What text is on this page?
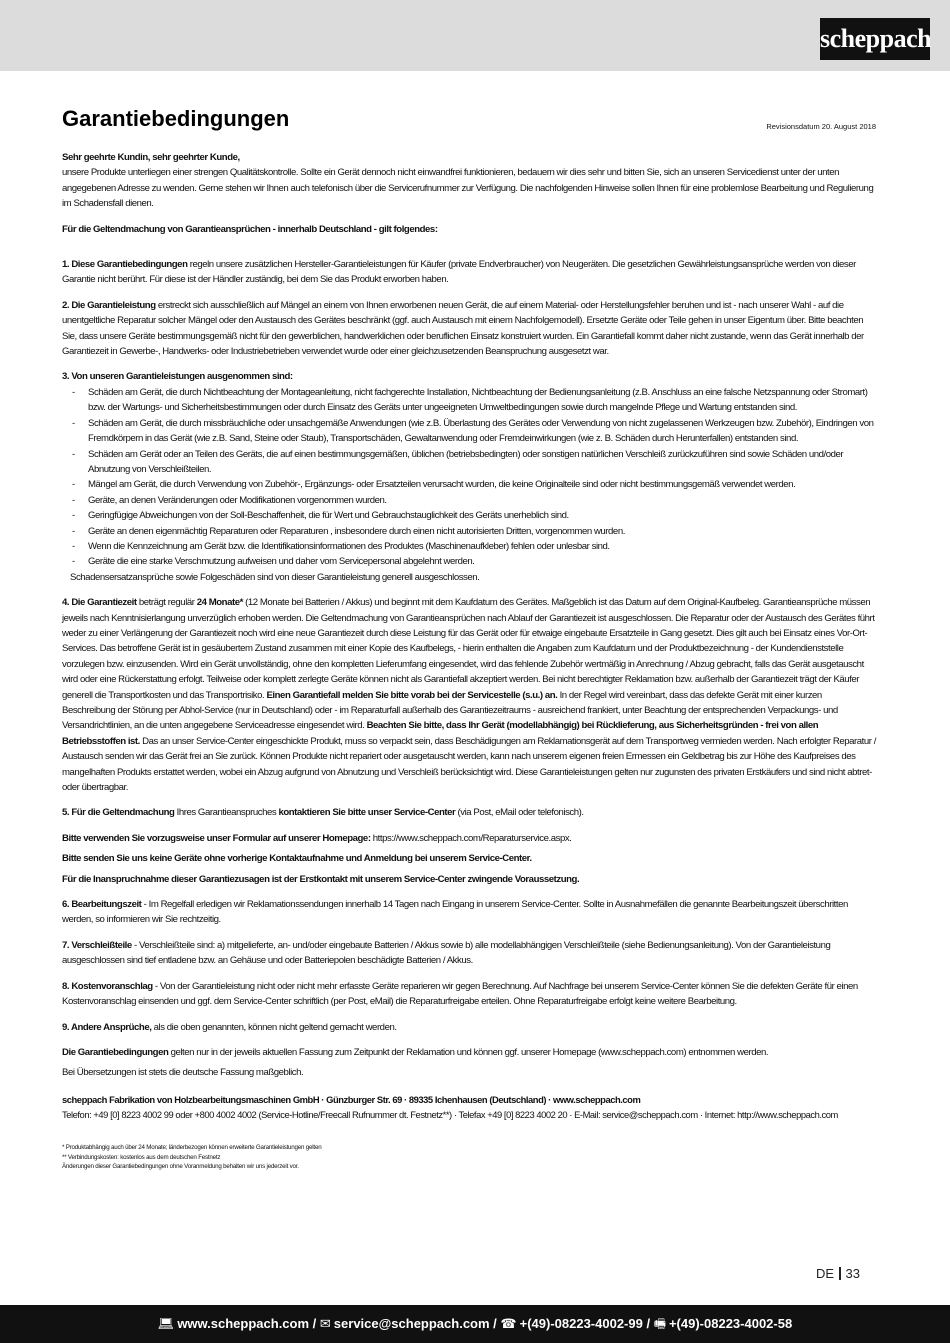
scheppach
Garantiebedingungen	Revisionsdatum 20. August 2018

Sehr geehrte Kundin, sehr geehrter Kunde,
unsere Produkte unterliegen einer strengen Qualitätskontrolle. Sollte ein Gerät dennoch nicht einwandfrei funktionieren, bedauern wir dies sehr und bitten Sie, sich an unseren Servicedienst unter der unten angegebenen Adresse zu wenden. Gerne stehen wir Ihnen auch telefonisch über die Servicerufnummer zur Verfügung. Die nachfolgenden Hinweise sollen Ihnen für eine problemlose Bearbeitung und Regulierung im Schadensfall dienen.

Für die Geltendmachung von Garantieansprüchen - innerhalb Deutschland - gilt folgendes:

1. Diese Garantiebedingungen regeln unsere zusätzlichen Hersteller-Garantieleistungen für Käufer (private Endverbraucher) von Neugeräten. Die gesetzlichen Gewährleistungsansprüche werden von dieser Garantie nicht berührt. Für diese ist der Händler zuständig, bei dem Sie das Produkt erworben haben.

2. Die Garantieleistung erstreckt sich ausschließlich auf Mängel an einem von Ihnen erworbenen neuen Gerät, die auf einem Material- oder Herstellungsfehler beruhen und ist - nach unserer Wahl - auf die unentgeltliche Reparatur solcher Mängel oder den Austausch des Gerätes beschränkt (ggf. auch Austausch mit einem Nachfolgemodell). Ersetzte Geräte oder Teile gehen in unser Eigentum über. Bitte beachten Sie, dass unsere Geräte bestimmungsgemäß nicht für den gewerblichen, handwerklichen oder beruflichen Einsatz konstruiert wurden. Ein Garantiefall kommt daher nicht zustande, wenn das Gerät innerhalb der Garantiezeit in Gewerbe-, Handwerks- oder Industriebetrieben verwendet wurde oder einer gleichzusetzenden Beanspruchung ausgesetzt war.

3. Von unseren Garantieleistungen ausgenommen sind:
- Schäden am Gerät, die durch Nichtbeachtung der Montageanleitung, nicht fachgerechte Installation, Nichtbeachtung der Bedienungsanleitung (z.B. Anschluss an eine falsche Netzspannung oder Stromart) bzw. der Wartungs- und Sicherheitsbestimmungen oder durch Einsatz des Geräts unter ungeeigneten Umweltbedingungen sowie durch mangelnde Pflege und Wartung entstanden sind.
- Schäden am Gerät, die durch missbräuchliche oder unsachgemäße Anwendungen (wie z.B. Überlastung des Gerätes oder Verwendung von nicht zugelassenen Werkzeugen bzw. Zubehör), Eindringen von Fremdkörpern in das Gerät (wie z.B. Sand, Steine oder Staub), Transportschäden, Gewaltanwendung oder Fremdeinwirkungen (wie z. B. Schäden durch Herunterfallen) entstanden sind.
- Schäden am Gerät oder an Teilen des Geräts, die auf einen bestimmungsgemäßen, üblichen (betriebsbedingten) oder sonstigen natürlichen Verschleiß zurückzuführen sind sowie Schäden und/oder Abnutzung von Verschleißteilen.
- Mängel am Gerät, die durch Verwendung von Zubehör-, Ergänzungs- oder Ersatzteilen verursacht wurden, die keine Originalteile sind oder nicht bestimmungsgemäß verwendet werden.
- Geräte, an denen Veränderungen oder Modifikationen vorgenommen wurden.
- Geringfügige Abweichungen von der Soll-Beschaffenheit, die für Wert und Gebrauchstauglichkeit des Geräts unerheblich sind.
- Geräte an denen eigenmächtig Reparaturen oder Reparaturen , insbesondere durch einen nicht autorisierten Dritten, vorgenommen wurden.
- Wenn die Kennzeichnung am Gerät bzw. die Identifikationsinformationen des Produktes (Maschinenaufkleber) fehlen oder unlesbar sind.
- Geräte die eine starke Verschmutzung aufweisen und daher vom Servicepersonal abgelehnt werden.
Schadensersatzansprüche sowie Folgeschäden sind von dieser Garantieleistung generell ausgeschlossen.

4. Die Garantiezeit beträgt regulär 24 Monate* (12 Monate bei Batterien / Akkus) und beginnt mit dem Kaufdatum des Gerätes. Maßgeblich ist das Datum auf dem Original-Kaufbeleg. Garantieansprüche müssen jeweils nach Kenntnisierlangung unverzüglich erhoben werden. Die Geltendmachung von Garantieansprüchen nach Ablauf der Garantiezeit ist ausgeschlossen. Die Reparatur oder der Austausch des Gerätes führt weder zu einer Verlängerung der Garantiezeit noch wird eine neue Garantiezeit durch diese Leistung für das Gerät oder für etwaige eingebaute Ersatzteile in Gang gesetzt. Dies gilt auch bei Einsatz eines Vor-Ort-Services. Das betroffene Gerät ist in gesäubertem Zustand zusammen mit einer Kopie des Kaufbelegs, - hierin enthalten die Angaben zum Kaufdatum und der Produktbezeichnung - der Kundendienststelle vorzulegen bzw. einzusenden. Wird ein Gerät unvollständig, ohne den kompletten Lieferumfang eingesendet, wird das fehlende Zubehör wertmäßig in Anrechnung / Abzug gebracht, falls das Gerät ausgetauscht wird oder eine Rückerstattung erfolgt. Teilweise oder komplett zerlegte Geräte können nicht als Garantiefall akzeptiert werden. Bei nicht berechtigter Reklamation bzw. außerhalb der Garantiezeit trägt der Käufer generell die Transportkosten und das Transportrisiko. Einen Garantiefall melden Sie bitte vorab bei der Servicestelle (s.u.) an. In der Regel wird vereinbart, dass das defekte Gerät mit einer kurzen Beschreibung der Störung per Abhol-Service (nur in Deutschland) oder - im Reparaturfall außerhalb des Garantiezeitraums - ausreichend frankiert, unter Beachtung der entsprechenden Verpackungs- und Versandrichtlinien, an die unten angegebene Serviceadresse eingesendet wird. Beachten Sie bitte, dass Ihr Gerät (modellabhängig) bei Rücklieferung, aus Sicherheitsgründen - frei von allen Betriebsstoffen ist. Das an unser Service-Center eingeschickte Produkt, muss so verpackt sein, dass Beschädigungen am Reklamationsgerät auf dem Transportweg vermieden werden. Nach erfolgter Reparatur / Austausch senden wir das Gerät frei an Sie zurück. Können Produkte nicht repariert oder ausgetauscht werden, kann nach unserem eigenen freien Ermessen ein Geldbetrag bis zur Höhe des Kaufpreises des mangelhaften Produkts erstattet werden, wobei ein Abzug aufgrund von Abnutzung und Verschleiß berücksichtigt wird. Diese Garantieleistungen gelten nur zugunsten des privaten Erstkäufers und sind nicht abtret- oder übertragbar.

5. Für die Geltendmachung Ihres Garantieanspruches kontaktieren Sie bitte unser Service-Center (via Post, eMail oder telefonisch).

Bitte verwenden Sie vorzugsweise unser Formular auf unserer Homepage: https://www.scheppach.com/Reparaturservice.aspx.

Bitte senden Sie uns keine Geräte ohne vorherige Kontaktaufnahme und Anmeldung bei unserem Service-Center.

Für die Inanspruchnahme dieser Garantiezusagen ist der Erstkontakt mit unserem Service-Center zwingende Voraussetzung.

6. Bearbeitungszeit - Im Regelfall erledigen wir Reklamationssendungen innerhalb 14 Tagen nach Eingang in unserem Service-Center. Sollte in Ausnahmefällen die genannte Bearbeitungszeit überschritten werden, so informieren wir Sie rechtzeitig.

7. Verschleißteile - Verschleißteile sind: a) mitgelieferte, an- und/oder eingebaute Batterien / Akkus sowie b) alle modellabhängigen Verschleißteile (siehe Bedienungsanleitung). Von der Garantieleistung ausgeschlossen sind tief entladene bzw. an Gehäuse und oder Batteriepolen beschädigte Batterien / Akkus.

8. Kostenvoranschlag - Von der Garantieleistung nicht oder nicht mehr erfasste Geräte reparieren wir gegen Berechnung. Auf Nachfrage bei unserem Service-Center können Sie die defekten Geräte für einen Kostenvoranschlag einsenden und ggf. dem Service-Center schriftlich (per Post, eMail) die Reparaturfreigabe erteilen. Ohne Reparaturfreigabe erfolgt keine weitere Bearbeitung.

9. Andere Ansprüche, als die oben genannten, können nicht geltend gemacht werden.

Die Garantiebedingungen gelten nur in der jeweils aktuellen Fassung zum Zeitpunkt der Reklamation und können ggf. unserer Homepage (www.scheppach.com) entnommen werden.

Bei Übersetzungen ist stets die deutsche Fassung maßgeblich.

scheppach Fabrikation von Holzbearbeitungsmaschinen GmbH · Günzburger Str. 69 · 89335 Ichenhausen (Deutschland) · www.scheppach.com
Telefon: +49 [0] 8223 4002 99 oder +800 4002 4002 (Service-Hotline/Freecall Rufnummer dt. Festnetz**) · Telefax +49 [0] 8223 4002 20 · E-Mail: service@scheppach.com · Internet: http://www.scheppach.com
* Produktabhängig auch über 24 Monate; länderbezogen können erweiterte Garantieleistungen gelten
** Verbindungskosten: kostenlos aus dem deutschen Festnetz
Änderungen dieser Garantiebedingungen ohne Voranmeldung behalten wir uns jederzeit vor.
DE 33
💻︎ www.scheppach.com / ✉︎ service@scheppach.com / ☎︎ +(49)-08223-4002-99 / 🖷︎ +(49)-08223-4002-58
